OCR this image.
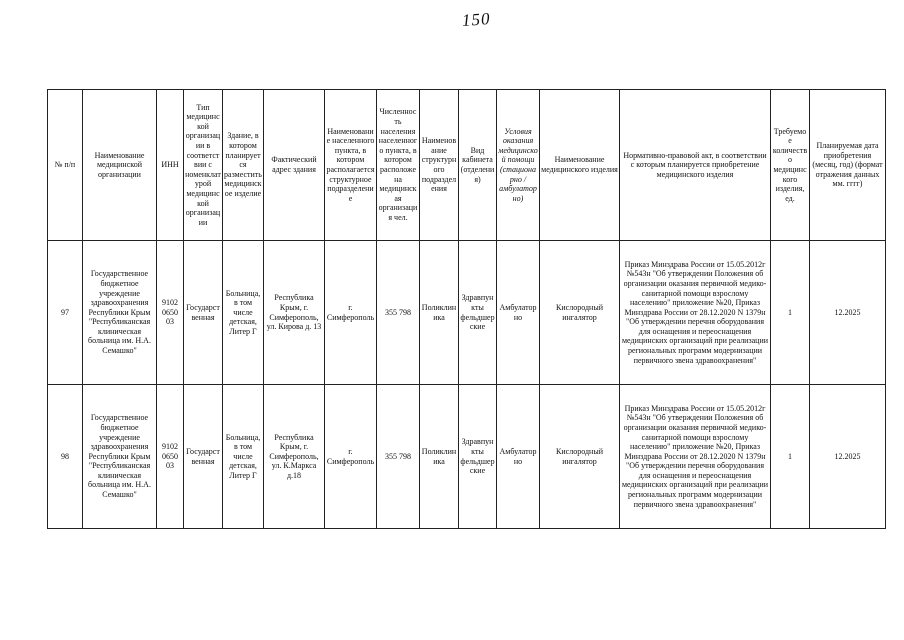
150
№ п/п	Наименование медицинской организации	ИНН	Тип медицинской организации в соответствии с номенклатурой медицинской организации	Здание, в котором планируется разместить медицинское изделие	Фактический адрес здания	Наименование населенного пункта, в котором располагается структурное подразделение	Численность населения населенного пункта, в котором расположена медицинская организация чел.	Наименование структурного подразделения	Вид кабинета (отделения)	Условия оказания медицинской помощи (стационарно / амбулаторно)	Наименование медицинского изделия	Нормативно-правовой акт, в соответствии с которым планируется приобретение медицинского изделия	Требуемое количество медицинского изделия, ед.	Планируемая дата приобретения (месяц, год) (формат отражения данных мм. гггг)
97	Государственное бюджетное учреждение здравоохранения Республики Крым "Республиканская клиническая больница им. Н.А. Семашко"	9102 0650 03	Государственная	Больница, в том числе детская, Литер Г	Республика Крым, г. Симферополь, ул. Кирова д. 13	г. Симферополь	355 798	Поликлиника	Здравпункты фельдшерские	Амбулаторно	Кислородный ингалятор	Приказ Минздрава России от 15.05.2012г №543н "Об утверждении Положения об организации оказания первичной медико-санитарной помощи взрослому населению" приложение №20, Приказ Минздрава России от 28.12.2020 N 1379н "Об утверждении перечня оборудования для оснащения и переоснащения медицинских организаций при реализации региональных программ модернизации первичного звена здравоохранения"	1	12.2025
98	Государственное бюджетное учреждение здравоохранения Республики Крым "Республиканская клиническая больница им. Н.А. Семашко"	9102 0650 03	Государственная	Больница, в том числе детская, Литер Г	Республика Крым, г. Симферополь, ул. К.Маркса д.18	г. Симферополь	355 798	Поликлиника	Здравпункты фельдшерские	Амбулаторно	Кислородный ингалятор	Приказ Минздрава России от 15.05.2012г №543н "Об утверждении Положения об организации оказания первичной медико-санитарной помощи взрослому населению" приложение №20, Приказ Минздрава России от 28.12.2020 N 1379н "Об утверждении перечня оборудования для оснащения и переоснащения медицинских организаций при реализации региональных программ модернизации первичного звена здравоохранения"	1	12.2025
